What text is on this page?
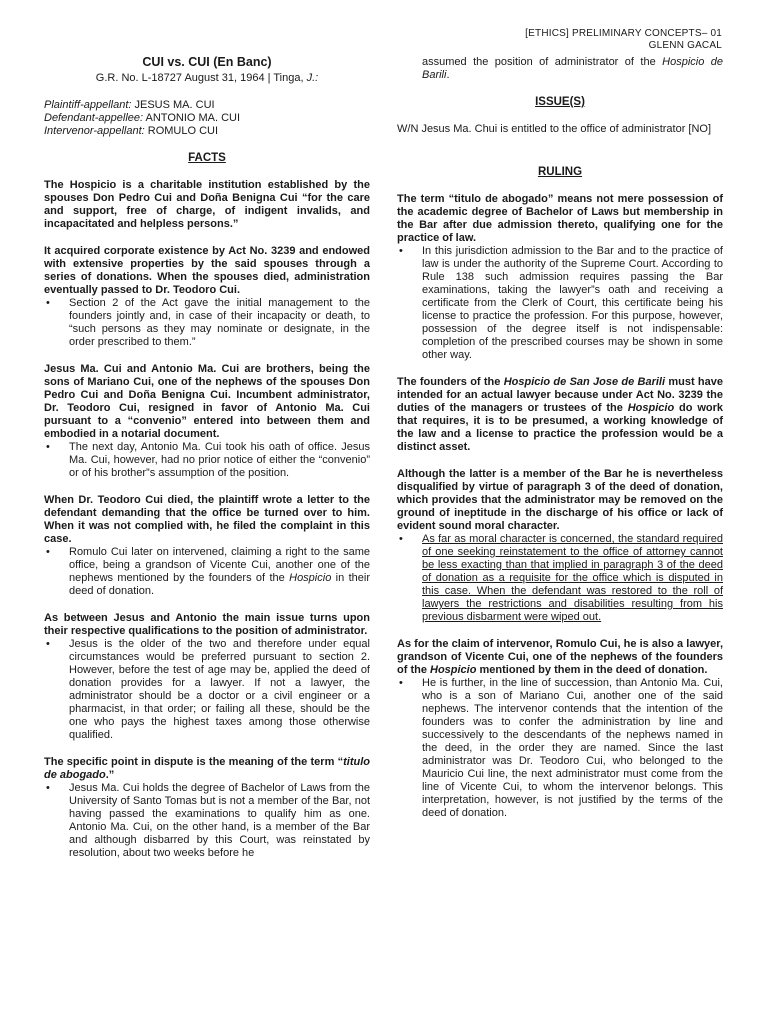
[ETHICS] PRELIMINARY CONCEPTS– 01
GLENN GACAL
CUI vs. CUI (En Banc)
G.R. No. L-18727 August 31, 1964 | Tinga, J.:
Plaintiff-appellant: JESUS MA. CUI
Defendant-appellee: ANTONIO MA. CUI
Intervenor-appellant: ROMULO CUI
FACTS

The Hospicio is a charitable institution established by the spouses Don Pedro Cui and Doña Benigna Cui “for the care and support, free of charge, of indigent invalids, and incapacitated and helpless persons.”

It acquired corporate existence by Act No. 3239 and endowed with extensive properties by the said spouses through a series of donations. When the spouses died, administration eventually passed to Dr. Teodoro Cui.

• Section 2 of the Act gave the initial management to the founders jointly and, in case of their incapacity or death, to “such persons as they may nominate or designate, in the order prescribed to them.”

Jesus Ma. Cui and Antonio Ma. Cui are brothers, being the sons of Mariano Cui, one of the nephews of the spouses Don Pedro Cui and Doña Benigna Cui. Incumbent administrator, Dr. Teodoro Cui, resigned in favor of Antonio Ma. Cui pursuant to a “convenio” entered into between them and embodied in a notarial document.

• The next day, Antonio Ma. Cui took his oath of office. Jesus Ma. Cui, however, had no prior notice of either the “convenio” or of his brother”s assumption of the position.

When Dr. Teodoro Cui died, the plaintiff wrote a letter to the defendant demanding that the office be turned over to him. When it was not complied with, he filed the complaint in this case.

• Romulo Cui later on intervened, claiming a right to the same office, being a grandson of Vicente Cui, another one of the nephews mentioned by the founders of the Hospicio in their deed of donation.

As between Jesus and Antonio the main issue turns upon their respective qualifications to the position of administrator.

• Jesus is the older of the two and therefore under equal circumstances would be preferred pursuant to section 2. However, before the test of age may be, applied the deed of donation provides for a lawyer. If not a lawyer, the administrator should be a doctor or a civil engineer or a pharmacist, in that order; or failing all these, should be the one who pays the highest taxes among those otherwise qualified.

The specific point in dispute is the meaning of the term “titulo de abogado.”

• Jesus Ma. Cui holds the degree of Bachelor of Laws from the University of Santo Tomas but is not a member of the Bar, not having passed the examinations to qualify him as one. Antonio Ma. Cui, on the other hand, is a member of the Bar and although disbarred by this Court, was reinstated by resolution, about two weeks before he

assumed the position of administrator of the Hospicio de Barili.

ISSUE(S)

W/N Jesus Ma. Chui is entitled to the office of administrator [NO]

RULING

The term “titulo de abogado” means not mere possession of the academic degree of Bachelor of Laws but membership in the Bar after due admission thereto, qualifying one for the practice of law.

• In this jurisdiction admission to the Bar and to the practice of law is under the authority of the Supreme Court. According to Rule 138 such admission requires passing the Bar examinations, taking the lawyer”s oath and receiving a certificate from the Clerk of Court, this certificate being his license to practice the profession. For this purpose, however, possession of the degree itself is not indispensable: completion of the prescribed courses may be shown in some other way.

The founders of the Hospicio de San Jose de Barili must have intended for an actual lawyer because under Act No. 3239 the duties of the managers or trustees of the Hospicio do work that requires, it is to be presumed, a working knowledge of the law and a license to practice the profession would be a distinct asset.

Although the latter is a member of the Bar he is nevertheless disqualified by virtue of paragraph 3 of the deed of donation, which provides that the administrator may be removed on the ground of ineptitude in the discharge of his office or lack of evident sound moral character.

• As far as moral character is concerned, the standard required of one seeking reinstatement to the office of attorney cannot be less exacting than that implied in paragraph 3 of the deed of donation as a requisite for the office which is disputed in this case. When the defendant was restored to the roll of lawyers the restrictions and disabilities resulting from his previous disbarment were wiped out.

As for the claim of intervenor, Romulo Cui, he is also a lawyer, grandson of Vicente Cui, one of the nephews of the founders of the Hospicio mentioned by them in the deed of donation.

• He is further, in the line of succession, than Antonio Ma. Cui, who is a son of Mariano Cui, another one of the said nephews. The intervenor contends that the intention of the founders was to confer the administration by line and successively to the descendants of the nephews named in the deed, in the order they are named. Since the last administrator was Dr. Teodoro Cui, who belonged to the Mauricio Cui line, the next administrator must come from the line of Vicente Cui, to whom the intervenor belongs. This interpretation, however, is not justified by the terms of the deed of donation.
